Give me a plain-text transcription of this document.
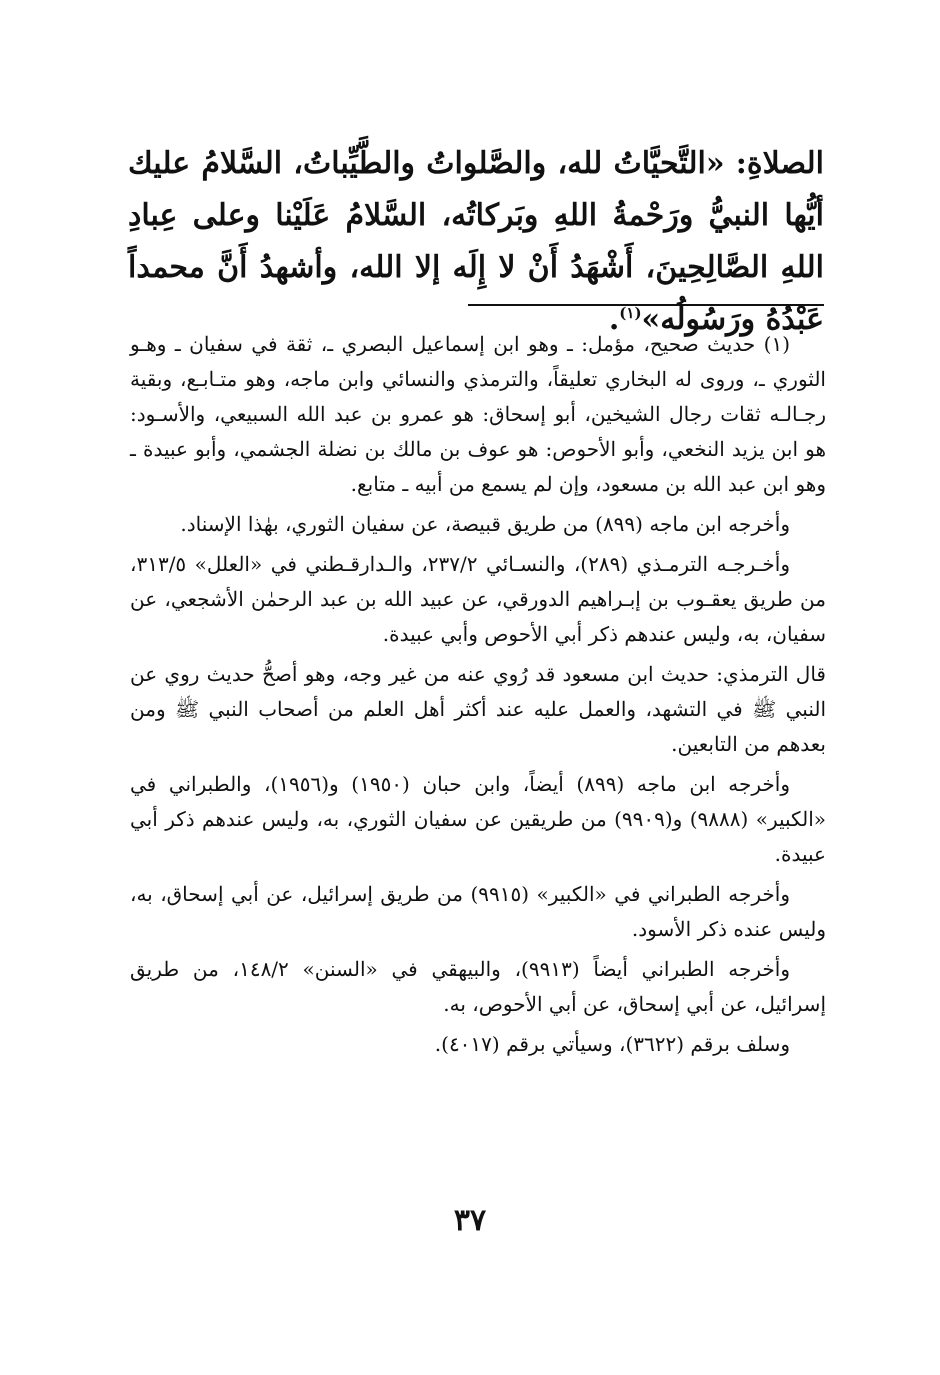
الصلاةِ: «التَّحيَّاتُ لله، والصَّلواتُ والطَّيِّباتُ، السَّلامُ عليك أيُّها النبيُّ ورَحْمةُ اللهِ وبَركاتُه، السَّلامُ عَلَيْنا وعلى عِبادِ اللهِ الصَّالِحِينَ، أَشْهَدُ أَنْ لا إِلَه إلا الله، وأشهدُ أَنَّ محمداً عَبْدُهُ ورَسُولُه»$^{(١)}$.

(١) حديث صحيح، مؤمل: ـ وهو ابن إسماعيل البصري ـ، ثقة في سفيان ـ وهـو الثوري ـ، وروى له البخاري تعليقاً، والترمذي والنسائي وابن ماجه، وهو متـابـع، وبقية رجـالـه ثقات رجال الشيخين، أبو إسحاق: هو عمرو بن عبد الله السبيعي، والأسـود: هو ابن يزيد النخعي، وأبو الأحوص: هو عوف بن مالك بن نضلة الجشمي، وأبو عبيدة ـ وهو ابن عبد الله بن مسعود، وإن لم يسمع من أبيه ـ متابع.

وأخرجه ابن ماجه (٨٩٩) من طريق قبيصة، عن سفيان الثوري، بهٰذا الإسناد.

وأخـرجـه الترمـذي (٢٨٩)، والنسـائي ٢٣٧/٢، والـدارقـطني في «العلل» ٣١٣/٥، من طريق يعقـوب بن إبـراهيم الدورقي، عن عبيد الله بن عبد الرحمٰن الأشجعي، عن سفيان، به، وليس عندهم ذكر أبي الأحوص وأبي عبيدة.

قال الترمذي: حديث ابن مسعود قد رُوي عنه من غير وجه، وهو أصحُّ حديث روي عن النبي ﷺ في التشهد، والعمل عليه عند أكثر أهل العلم من أصحاب النبي ﷺ ومن بعدهم من التابعين.

وأخرجه ابن ماجه (٨٩٩) أيضاً، وابن حبان (١٩٥٠) و(١٩٥٦)، والطبراني في «الكبير» (٩٨٨٨) و(٩٩٠٩) من طريقين عن سفيان الثوري، به، وليس عندهم ذكر أبي عبيدة.

وأخرجه الطبراني في «الكبير» (٩٩١٥) من طريق إسرائيل، عن أبي إسحاق، به، وليس عنده ذكر الأسود.

وأخرجه الطبراني أيضاً (٩٩١٣)، والبيهقي في «السنن» ١٤٨/٢، من طريق إسرائيل، عن أبي إسحاق، عن أبي الأحوص، به.

وسلف برقم (٣٦٢٢)، وسيأتي برقم (٤٠١٧).

٣٧
